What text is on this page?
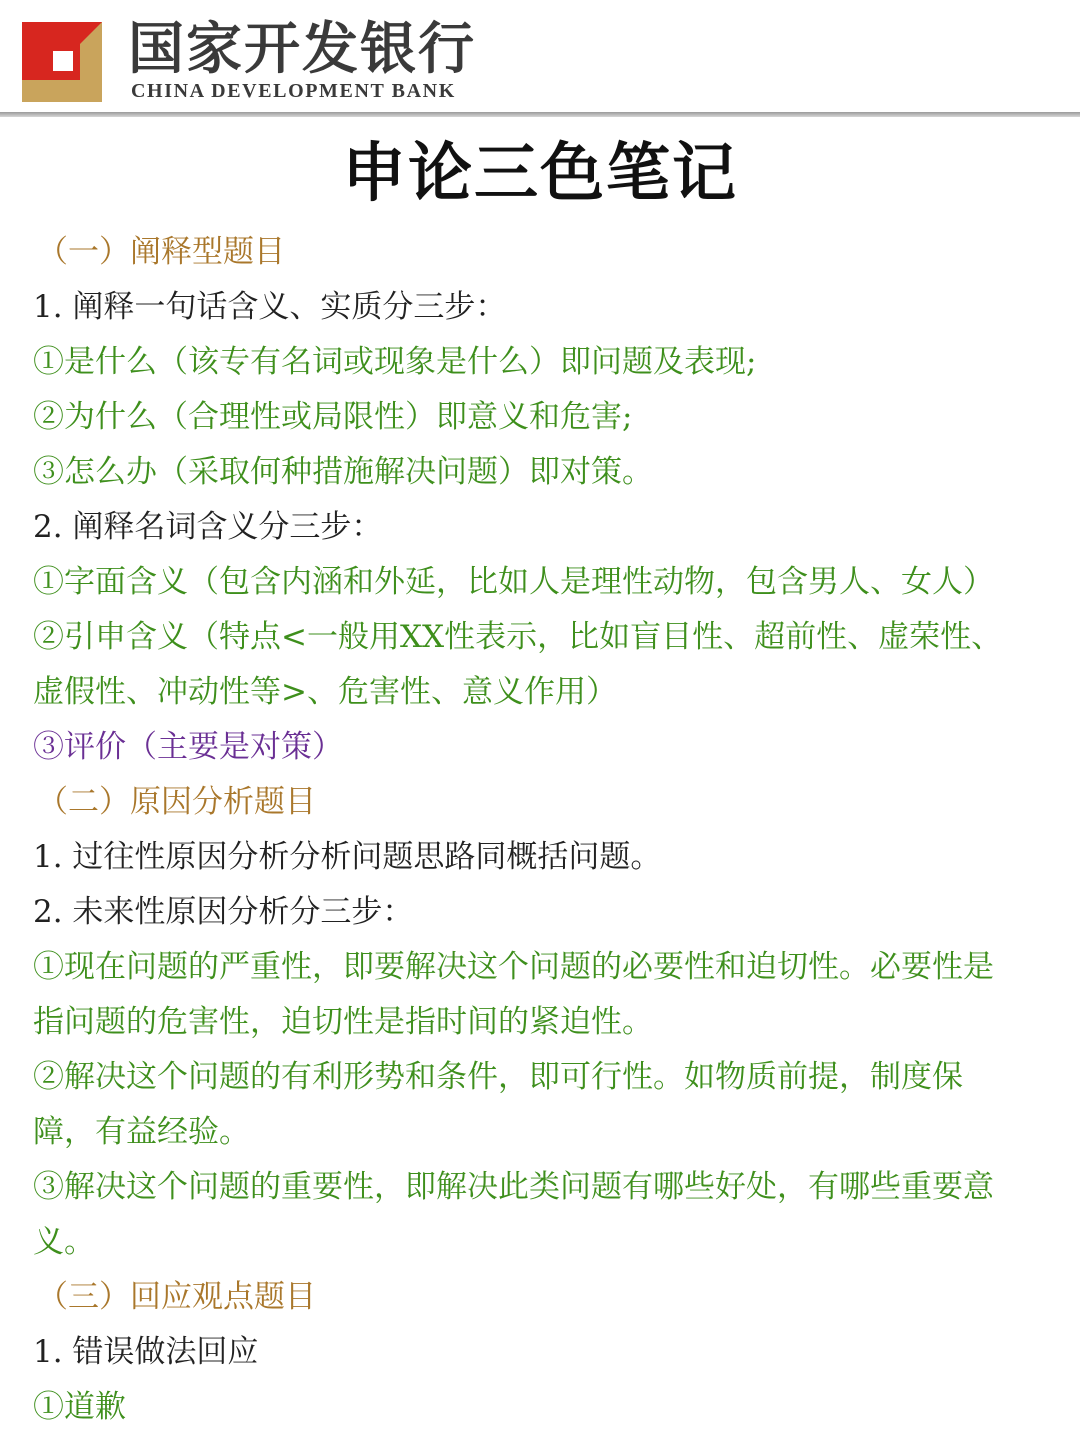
国家开发银行
CHINA DEVELOPMENT BANK
申论三色笔记
（一）阐释型题目
1. 阐释一句话含义、实质分三步：
①是什么（该专有名词或现象是什么）即问题及表现;
②为什么（合理性或局限性）即意义和危害;
③怎么办（采取何种措施解决问题）即对策。
2. 阐释名词含义分三步：
①字面含义（包含内涵和外延，比如人是理性动物，包含男人、女人）
②引申含义（特点<一般用XX性表示，比如盲目性、超前性、虚荣性、
虚假性、冲动性等>、危害性、意义作用）
③评价（主要是对策）
（二）原因分析题目
1. 过往性原因分析分析问题思路同概括问题。
2. 未来性原因分析分三步：
①现在问题的严重性，即要解决这个问题的必要性和迫切性。必要性是
指问题的危害性，迫切性是指时间的紧迫性。
②解决这个问题的有利形势和条件，即可行性。如物质前提，制度保
障，有益经验。
③解决这个问题的重要性，即解决此类问题有哪些好处，有哪些重要意
义。
（三）回应观点题目
1. 错误做法回应
①道歉
